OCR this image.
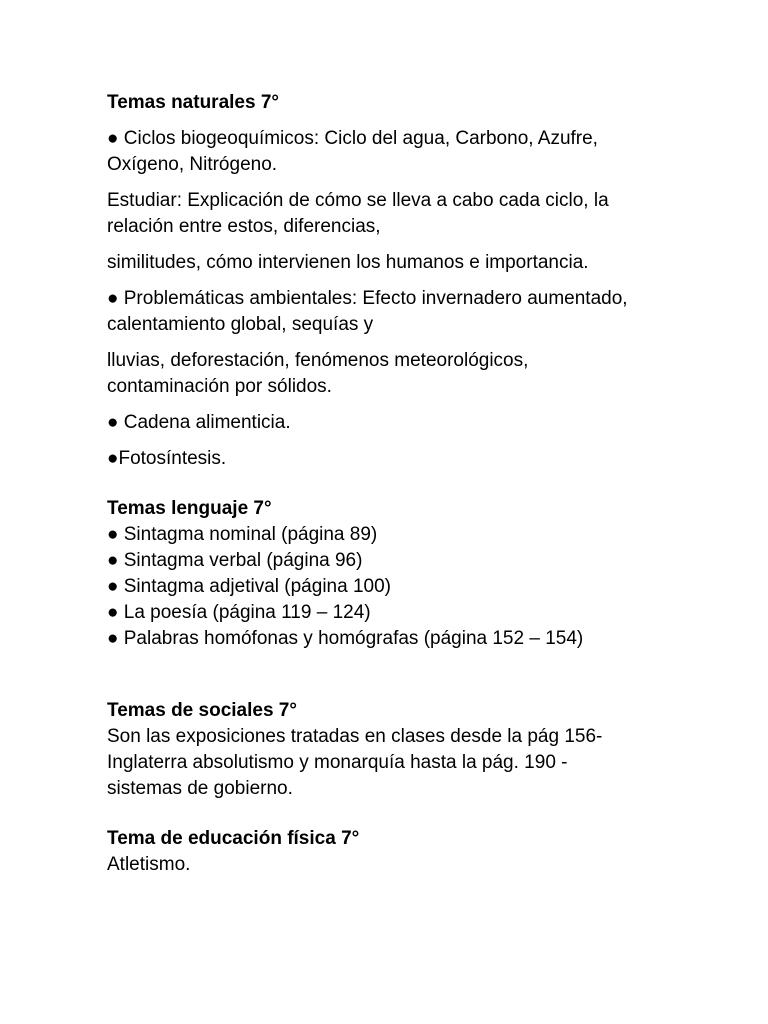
Temas naturales 7°

● Ciclos biogeoquímicos: Ciclo del agua, Carbono, Azufre,

Oxígeno, Nitrógeno.

Estudiar: Explicación de cómo se lleva a cabo cada ciclo, la

relación entre estos, diferencias,

similitudes, cómo intervienen los humanos e importancia.

● Problemáticas ambientales: Efecto invernadero aumentado,

calentamiento global, sequías y

lluvias, deforestación, fenómenos meteorológicos,

contaminación por sólidos.

● Cadena alimenticia.

●Fotosíntesis.

Temas lenguaje 7°

● Sintagma nominal (página 89)

● Sintagma verbal (página 96)

● Sintagma adjetival (página 100)

● La poesía (página 119 – 124)

● Palabras homófonas y homógrafas (página 152 – 154)

Temas de sociales 7°

Son las exposiciones tratadas en clases desde la pág 156-

Inglaterra absolutismo y monarquía hasta la pág. 190 -

sistemas de gobierno.

Tema de educación física 7°

Atletismo.
